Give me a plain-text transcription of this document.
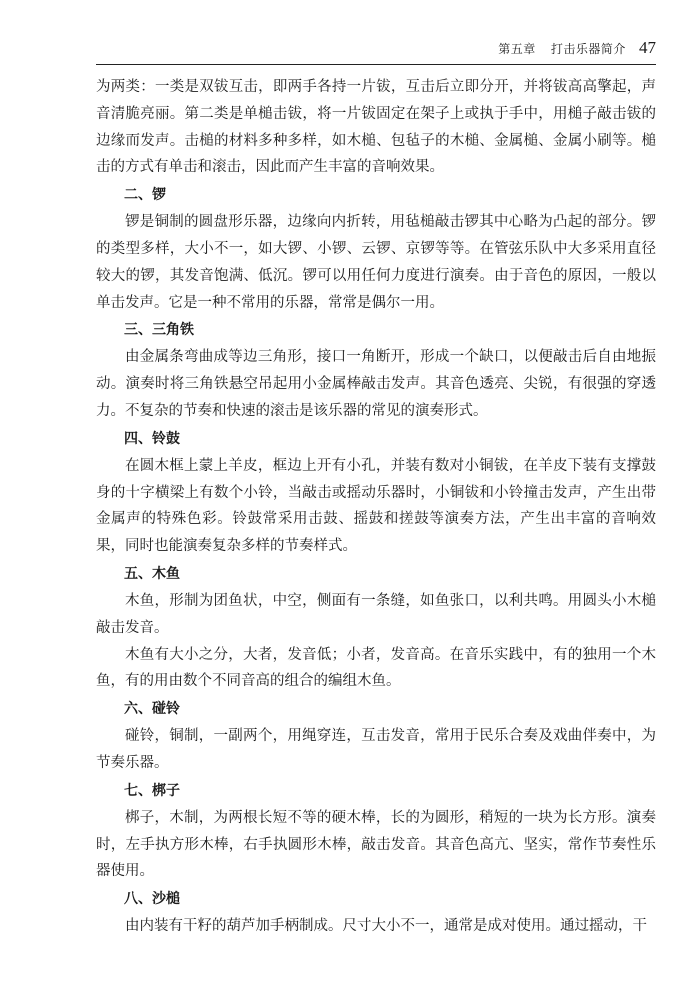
第五章 打击乐器简介 47

为两类：一类是双钹互击，即两手各持一片钹，互击后立即分开，并将钹高高擎起，声音清脆亮丽。第二类是单槌击钹，将一片钹固定在架子上或执于手中，用槌子敲击钹的边缘而发声。击槌的材料多种多样，如木槌、包毡子的木槌、金属槌、金属小刷等。槌击的方式有单击和滚击，因此而产生丰富的音响效果。

二、锣

锣是铜制的圆盘形乐器，边缘向内折转，用毡槌敲击锣其中心略为凸起的部分。锣的类型多样，大小不一，如大锣、小锣、云锣、京锣等等。在管弦乐队中大多采用直径较大的锣，其发音饱满、低沉。锣可以用任何力度进行演奏。由于音色的原因，一般以单击发声。它是一种不常用的乐器，常常是偶尔一用。

三、三角铁

由金属条弯曲成等边三角形，接口一角断开，形成一个缺口，以便敲击后自由地振动。演奏时将三角铁悬空吊起用小金属棒敲击发声。其音色透亮、尖锐，有很强的穿透力。不复杂的节奏和快速的滚击是该乐器的常见的演奏形式。

四、铃鼓

在圆木框上蒙上羊皮，框边上开有小孔，并装有数对小铜钹，在羊皮下装有支撑鼓身的十字横梁上有数个小铃，当敲击或摇动乐器时，小铜钹和小铃撞击发声，产生出带金属声的特殊色彩。铃鼓常采用击鼓、摇鼓和搓鼓等演奏方法，产生出丰富的音响效果，同时也能演奏复杂多样的节奏样式。

五、木鱼

木鱼，形制为团鱼状，中空，侧面有一条缝，如鱼张口，以利共鸣。用圆头小木槌敲击发音。

木鱼有大小之分，大者，发音低；小者，发音高。在音乐实践中，有的独用一个木鱼，有的用由数个不同音高的组合的编组木鱼。

六、碰铃

碰铃，铜制，一副两个，用绳穿连，互击发音，常用于民乐合奏及戏曲伴奏中，为节奏乐器。

七、梆子

梆子，木制，为两根长短不等的硬木棒，长的为圆形，稍短的一块为长方形。演奏时，左手执方形木棒，右手执圆形木棒，敲击发音。其音色高亢、坚实，常作节奏性乐器使用。

八、沙槌

由内装有干籽的葫芦加手柄制成。尺寸大小不一，通常是成对使用。通过摇动，干
